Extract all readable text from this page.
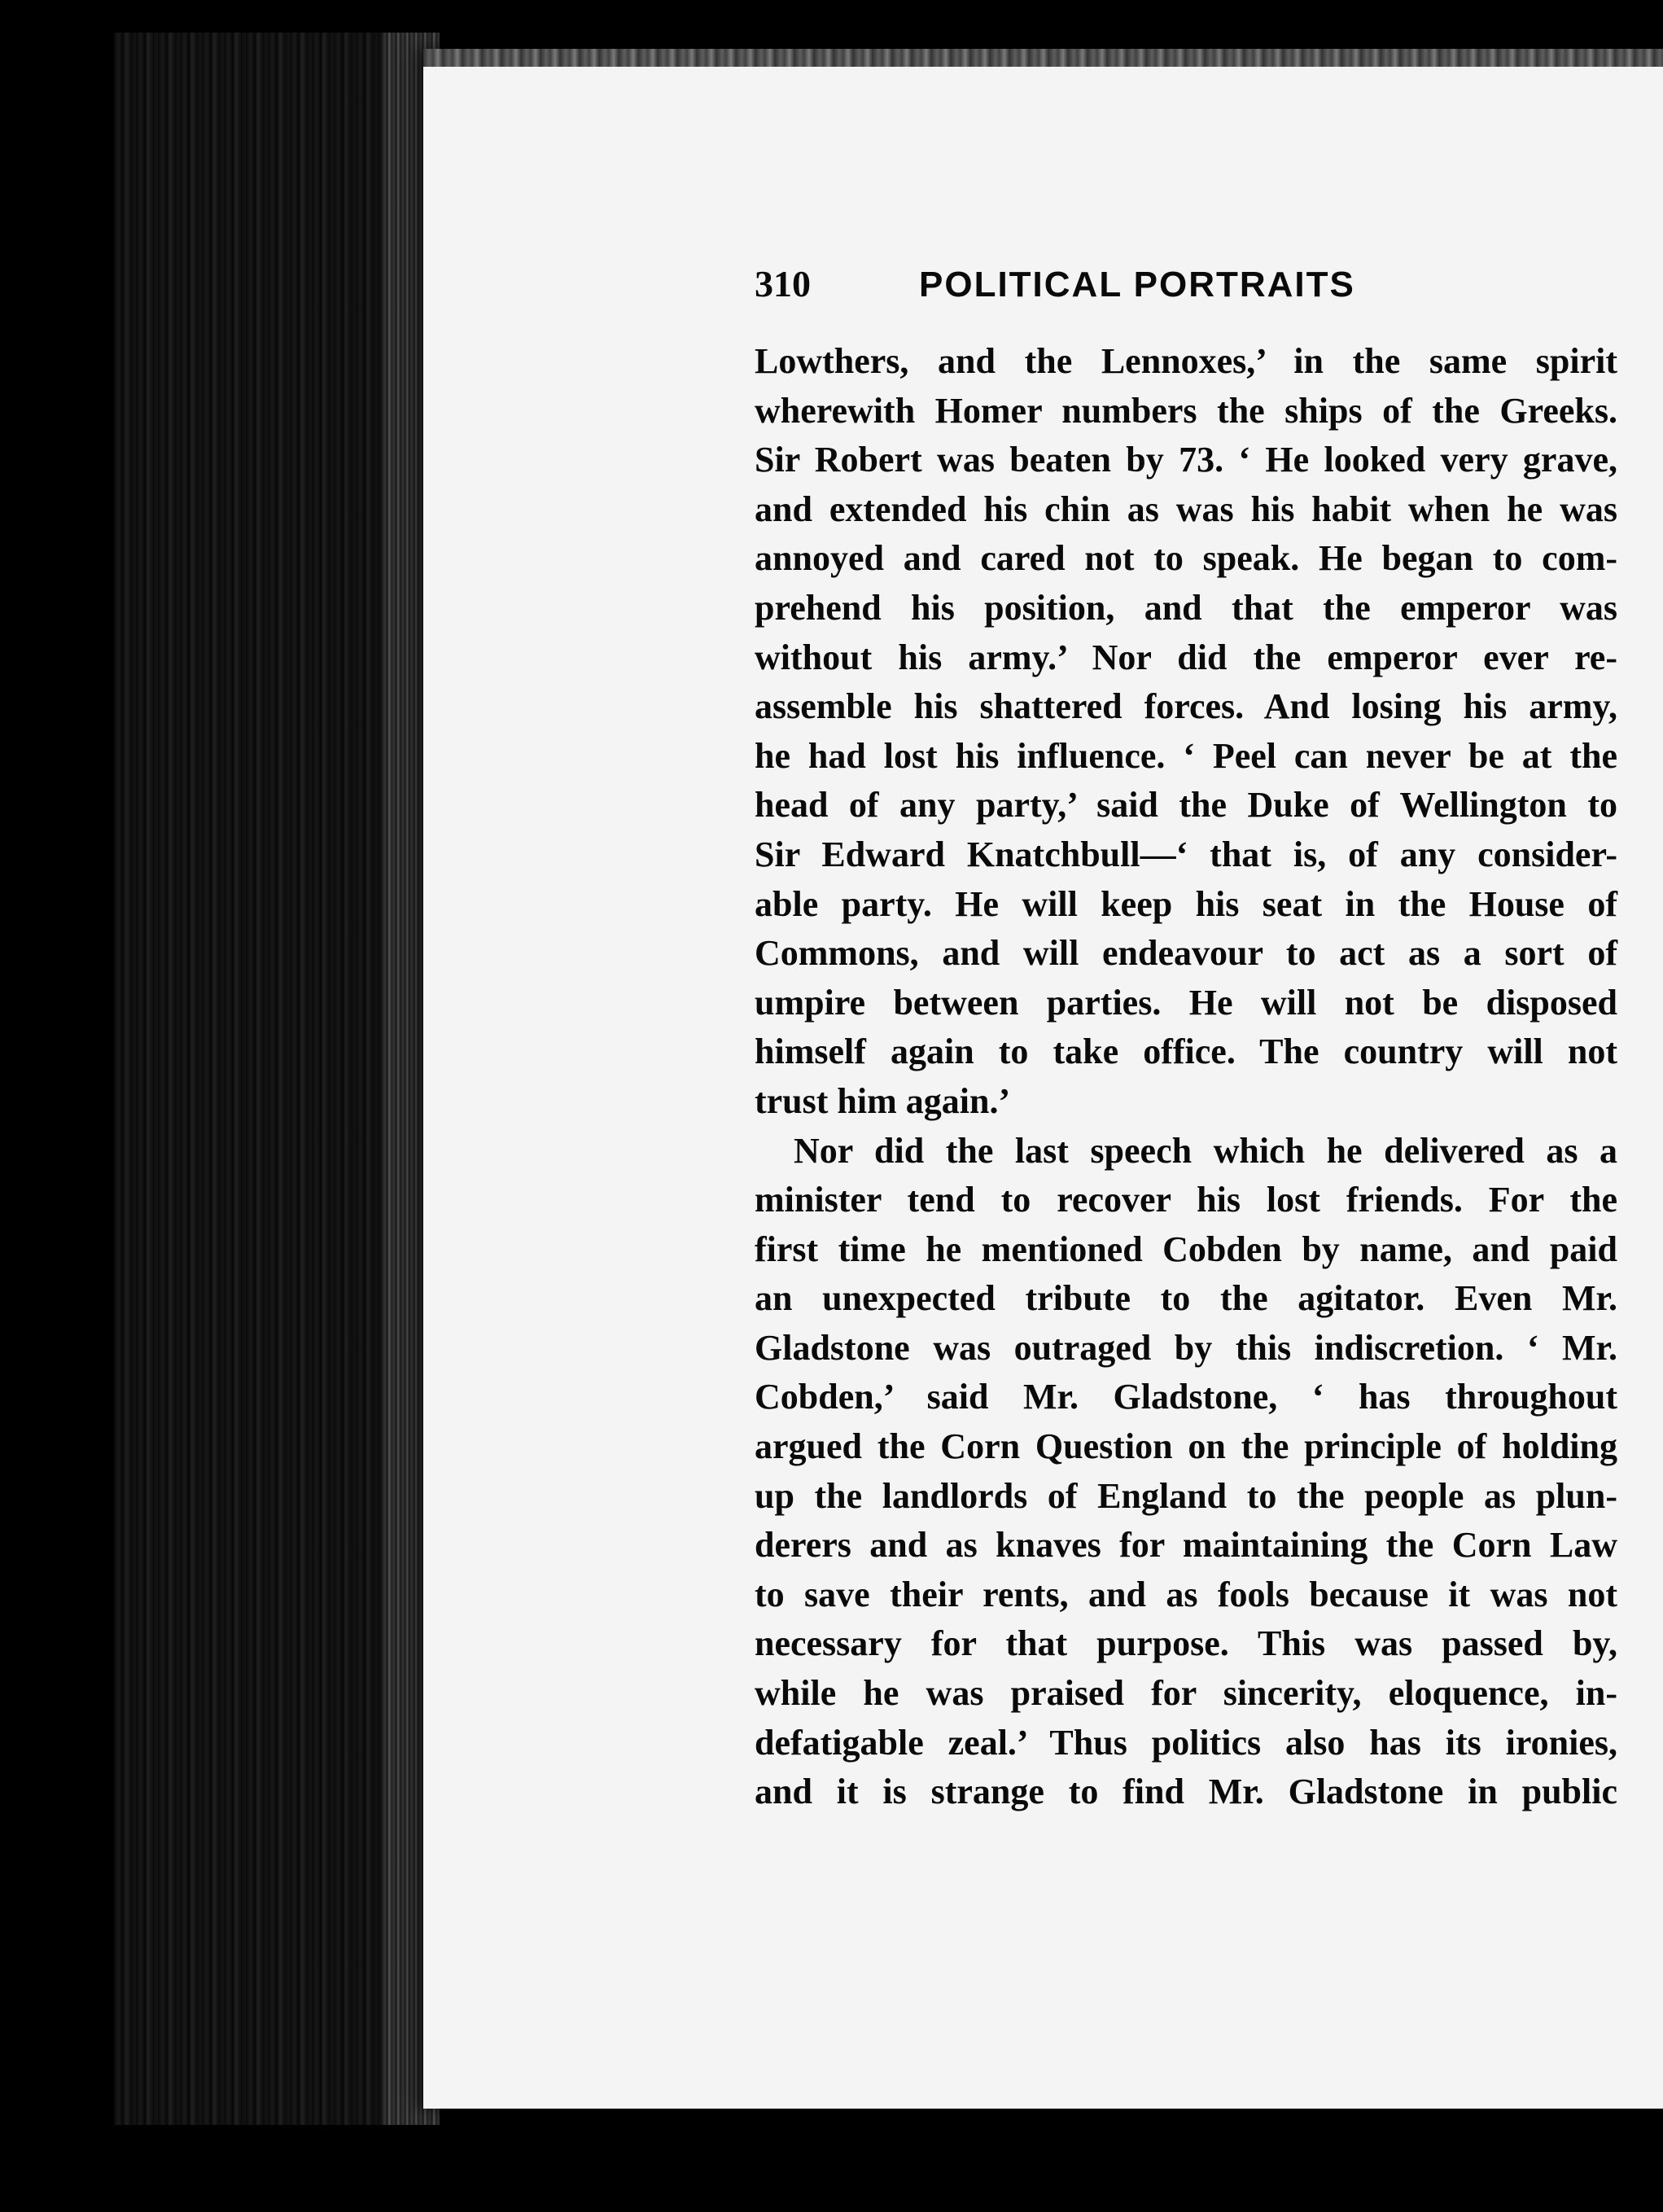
310	POLITICAL PORTRAITS
Lowthers, and the Lennoxes,’ in the same spirit
wherewith Homer numbers the ships of the Greeks.
Sir Robert was beaten by 73. ‘ He looked very grave,
and extended his chin as was his habit when he was
annoyed and cared not to speak. He began to com-
prehend his position, and that the emperor was
without his army.’ Nor did the emperor ever re-
assemble his shattered forces. And losing his army,
he had lost his influence. ‘ Peel can never be at the
head of any party,’ said the Duke of Wellington to
Sir Edward Knatchbull—‘ that is, of any consider-
able party. He will keep his seat in the House of
Commons, and will endeavour to act as a sort of
umpire between parties. He will not be disposed
himself again to take office. The country will not
trust him again.’
Nor did the last speech which he delivered as a
minister tend to recover his lost friends. For the
first time he mentioned Cobden by name, and paid
an unexpected tribute to the agitator. Even Mr.
Gladstone was outraged by this indiscretion. ‘ Mr.
Cobden,’ said Mr. Gladstone, ‘ has throughout
argued the Corn Question on the principle of holding
up the landlords of England to the people as plun-
derers and as knaves for maintaining the Corn Law
to save their rents, and as fools because it was not
necessary for that purpose. This was passed by,
while he was praised for sincerity, eloquence, in-
defatigable zeal.’ Thus politics also has its ironies,
and it is strange to find Mr. Gladstone in public
